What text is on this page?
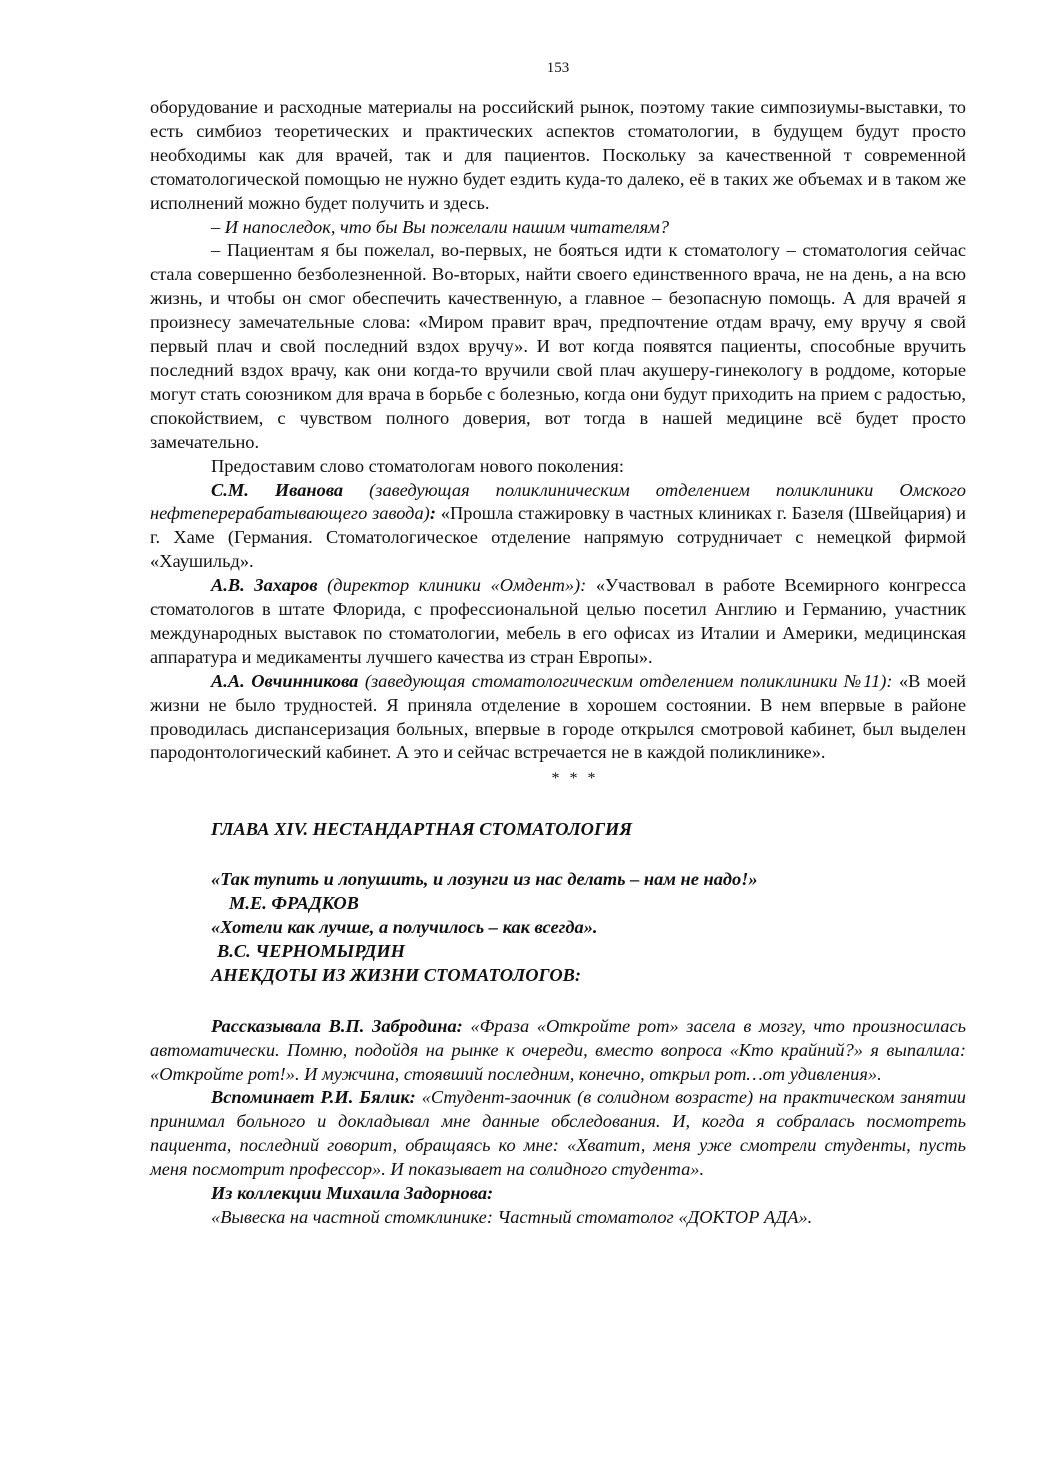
153

оборудование и расходные материалы на российский рынок, поэтому такие симпозиумы-выставки, то есть симбиоз теоретических и практических аспектов стоматологии, в будущем будут просто необходимы как для врачей, так и для пациентов. Поскольку за качественной т современной стоматологической помощью не нужно будет ездить куда-то далеко, её в таких же объемах и в таком же исполнений можно будет получить и здесь.

– И напоследок, что бы Вы пожелали нашим читателям?

– Пациентам я бы пожелал, во-первых, не бояться идти к стоматологу – стоматология сейчас стала совершенно безболезненной. Во-вторых, найти своего единственного врача, не на день, а на всю жизнь, и чтобы он смог обеспечить качественную, а главное – безопасную помощь. А для врачей я произнесу замечательные слова: «Миром правит врач, предпочтение отдам врачу, ему вручу я свой первый плач и свой последний вздох вручу». И вот когда появятся пациенты, способные вручить последний вздох врачу, как они когда-то вручили свой плач акушеру-гинекологу в роддоме, которые могут стать союзником для врача в борьбе с болезнью, когда они будут приходить на прием с радостью, спокойствием, с чувством полного доверия, вот тогда в нашей медицине всё будет просто замечательно.

Предоставим слово стоматологам нового поколения:

С.М. Иванова (заведующая поликлиническим отделением поликлиники Омского нефтеперерабатывающего завода): «Прошла стажировку в частных клиниках г. Базеля (Швейцария) и г. Хаме (Германия. Стоматологическое отделение напрямую сотрудничает с немецкой фирмой «Хаушильд».

А.В. Захаров (директор клиники «Омдент»): «Участвовал в работе Всемирного конгресса стоматологов в штате Флорида, с профессиональной целью посетил Англию и Германию, участник международных выставок по стоматологии, мебель в его офисах из Италии и Америки, медицинская аппаратура и медикаменты лучшего качества из стран Европы».

А.А. Овчинникова (заведующая стоматологическим отделением поликлиники №11): «В моей жизни не было трудностей. Я приняла отделение в хорошем состоянии. В нем впервые в районе проводилась диспансеризация больных, впервые в городе открылся смотровой кабинет, был выделен пародонтологический кабинет. А это и сейчас встречается не в каждой поликлинике».

* * *

ГЛАВА XIV. НЕСТАНДАРТНАЯ СТОМАТОЛОГИЯ
«Так тупить и лопушить, и лозунги из нас делать – нам не надо!»
М.Е. ФРАДКОВ
«Хотели как лучше, а получилось – как всегда».
В.С. ЧЕРНОМЫРДИН
АНЕКДОТЫ ИЗ ЖИЗНИ СТОМАТОЛОГОВ:

Рассказывала В.П. Забродина: «Фраза «Откройте рот» засела в мозгу, что произносилась автоматически. Помню, подойдя на рынке к очереди, вместо вопроса «Кто крайний?» я выпалила: «Откройте рот!». И мужчина, стоявший последним, конечно, открыл рот…от удивления».

Вспоминает Р.И. Бялик: «Студент-заочник (в солидном возрасте) на практическом занятии принимал больного и докладывал мне данные обследования. И, когда я собралась посмотреть пациента, последний говорит, обращаясь ко мне: «Хватит, меня уже смотрели студенты, пусть меня посмотрит профессор». И показывает на солидного студента».

Из коллекции Михаила Задорнова:

«Вывеска на частной стомклинике: Частный стоматолог «ДОКТОР АДА».
